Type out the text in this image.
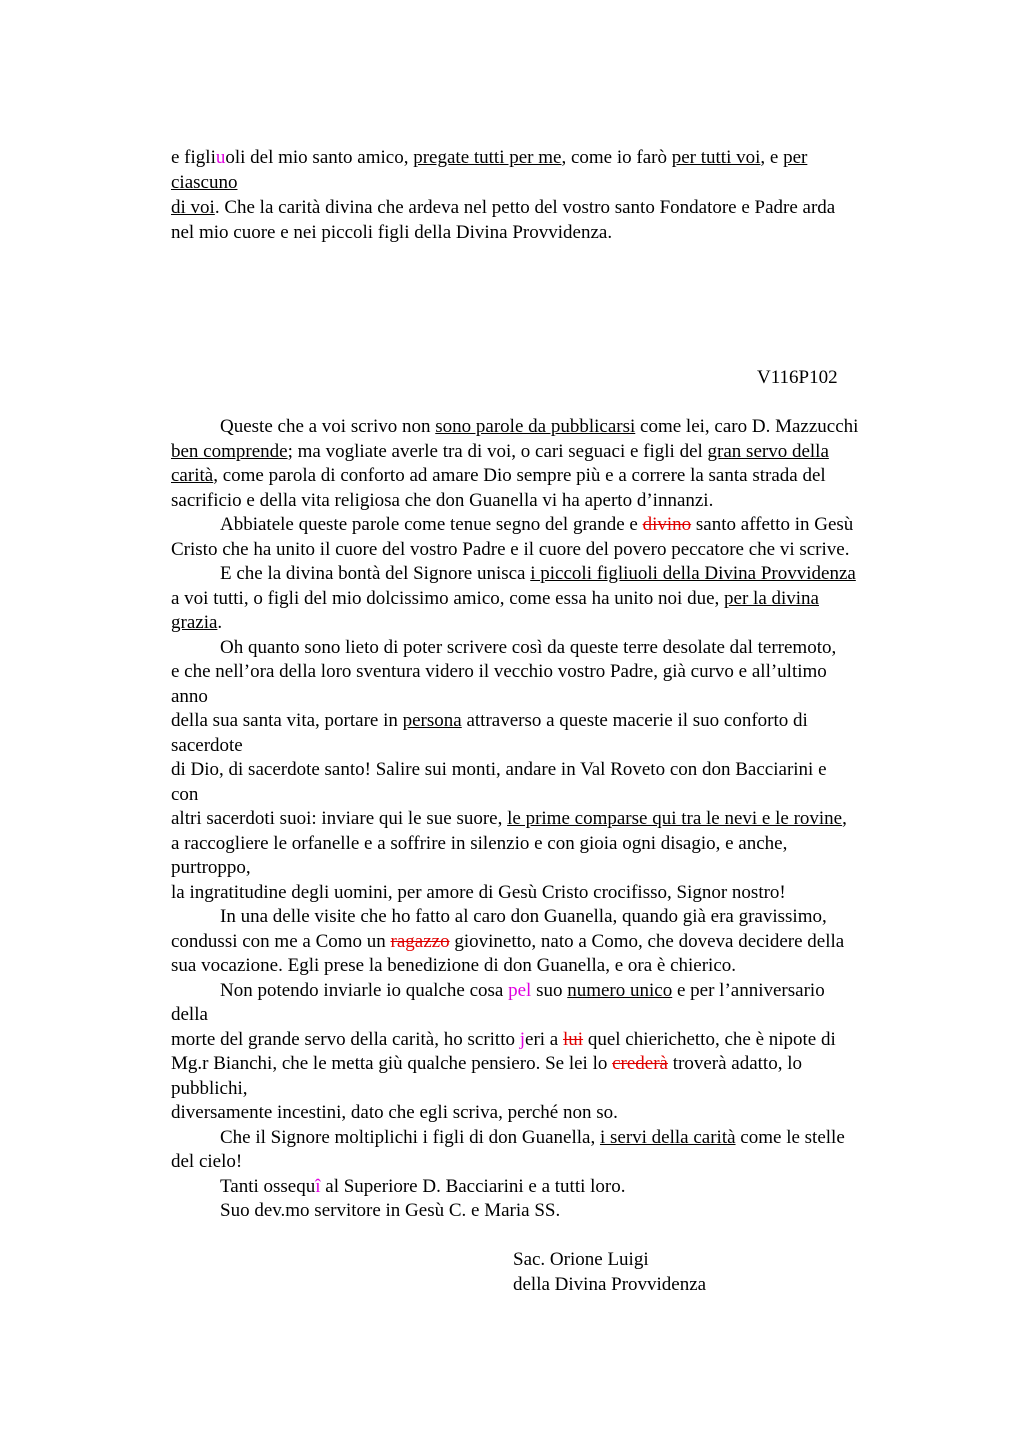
e figliuoli del mio santo amico, pregate tutti per me, come io farò per tutti voi, e per
ciascuno
di voi. Che la carità divina che ardeva nel petto del vostro santo Fondatore e Padre arda
nel mio cuore e nei piccoli figli della Divina Provvidenza.
V116P102
Queste che a voi scrivo non sono parole da pubblicarsi come lei, caro D. Mazzucchi
ben comprende; ma vogliate averle tra di voi, o cari seguaci e figli del gran servo della
carità, come parola di conforto ad amare Dio sempre più e a correre la santa strada del
sacrificio e della vita religiosa che don Guanella vi ha aperto d’innanzi.
Abbiatele queste parole come tenue segno del grande e divino santo affetto in Gesù
Cristo che ha unito il cuore del vostro Padre e il cuore del povero peccatore che vi scrive.
E che la divina bontà del Signore unisca i piccoli figliuoli della Divina Provvidenza
a voi tutti, o figli del mio dolcissimo amico, come essa ha unito noi due, per la divina
grazia.
Oh quanto sono lieto di poter scrivere così da queste terre desolate dal terremoto,
e che nell’ora della loro sventura videro il vecchio vostro Padre, già curvo e all’ultimo
anno
della sua santa vita, portare in persona attraverso a queste macerie il suo conforto di
sacerdote
di Dio, di sacerdote santo! Salire sui monti, andare in Val Roveto con don Bacciarini e
con
altri sacerdoti suoi: inviare qui le sue suore, le prime comparse qui tra le nevi e le rovine,
a raccogliere le orfanelle e a soffrire in silenzio e con gioia ogni disagio, e anche,
purtroppo,
la ingratitudine degli uomini, per amore di Gesù Cristo crocifisso, Signor nostro!
In una delle visite che ho fatto al caro don Guanella, quando già era gravissimo,
condussi con me a Como un ragazzo giovinetto, nato a Como, che doveva decidere della
sua vocazione. Egli prese la benedizione di don Guanella, e ora è chierico.
Non potendo inviarle io qualche cosa pel suo numero unico e per l’anniversario
della
morte del grande servo della carità, ho scritto jeri a lui quel chierichetto, che è nipote di
Mg.r Bianchi, che le metta giù qualche pensiero. Se lei lo crederà troverà adatto, lo
pubblichi,
diversamente incestini, dato che egli scriva, perché non so.
Che il Signore moltiplichi i figli di don Guanella, i servi della carità come le stelle
del cielo!
Tanti ossequî al Superiore D. Bacciarini e a tutti loro.
Suo dev.mo servitore in Gesù C. e Maria SS.
Sac. Orione Luigi
della Divina Provvidenza
